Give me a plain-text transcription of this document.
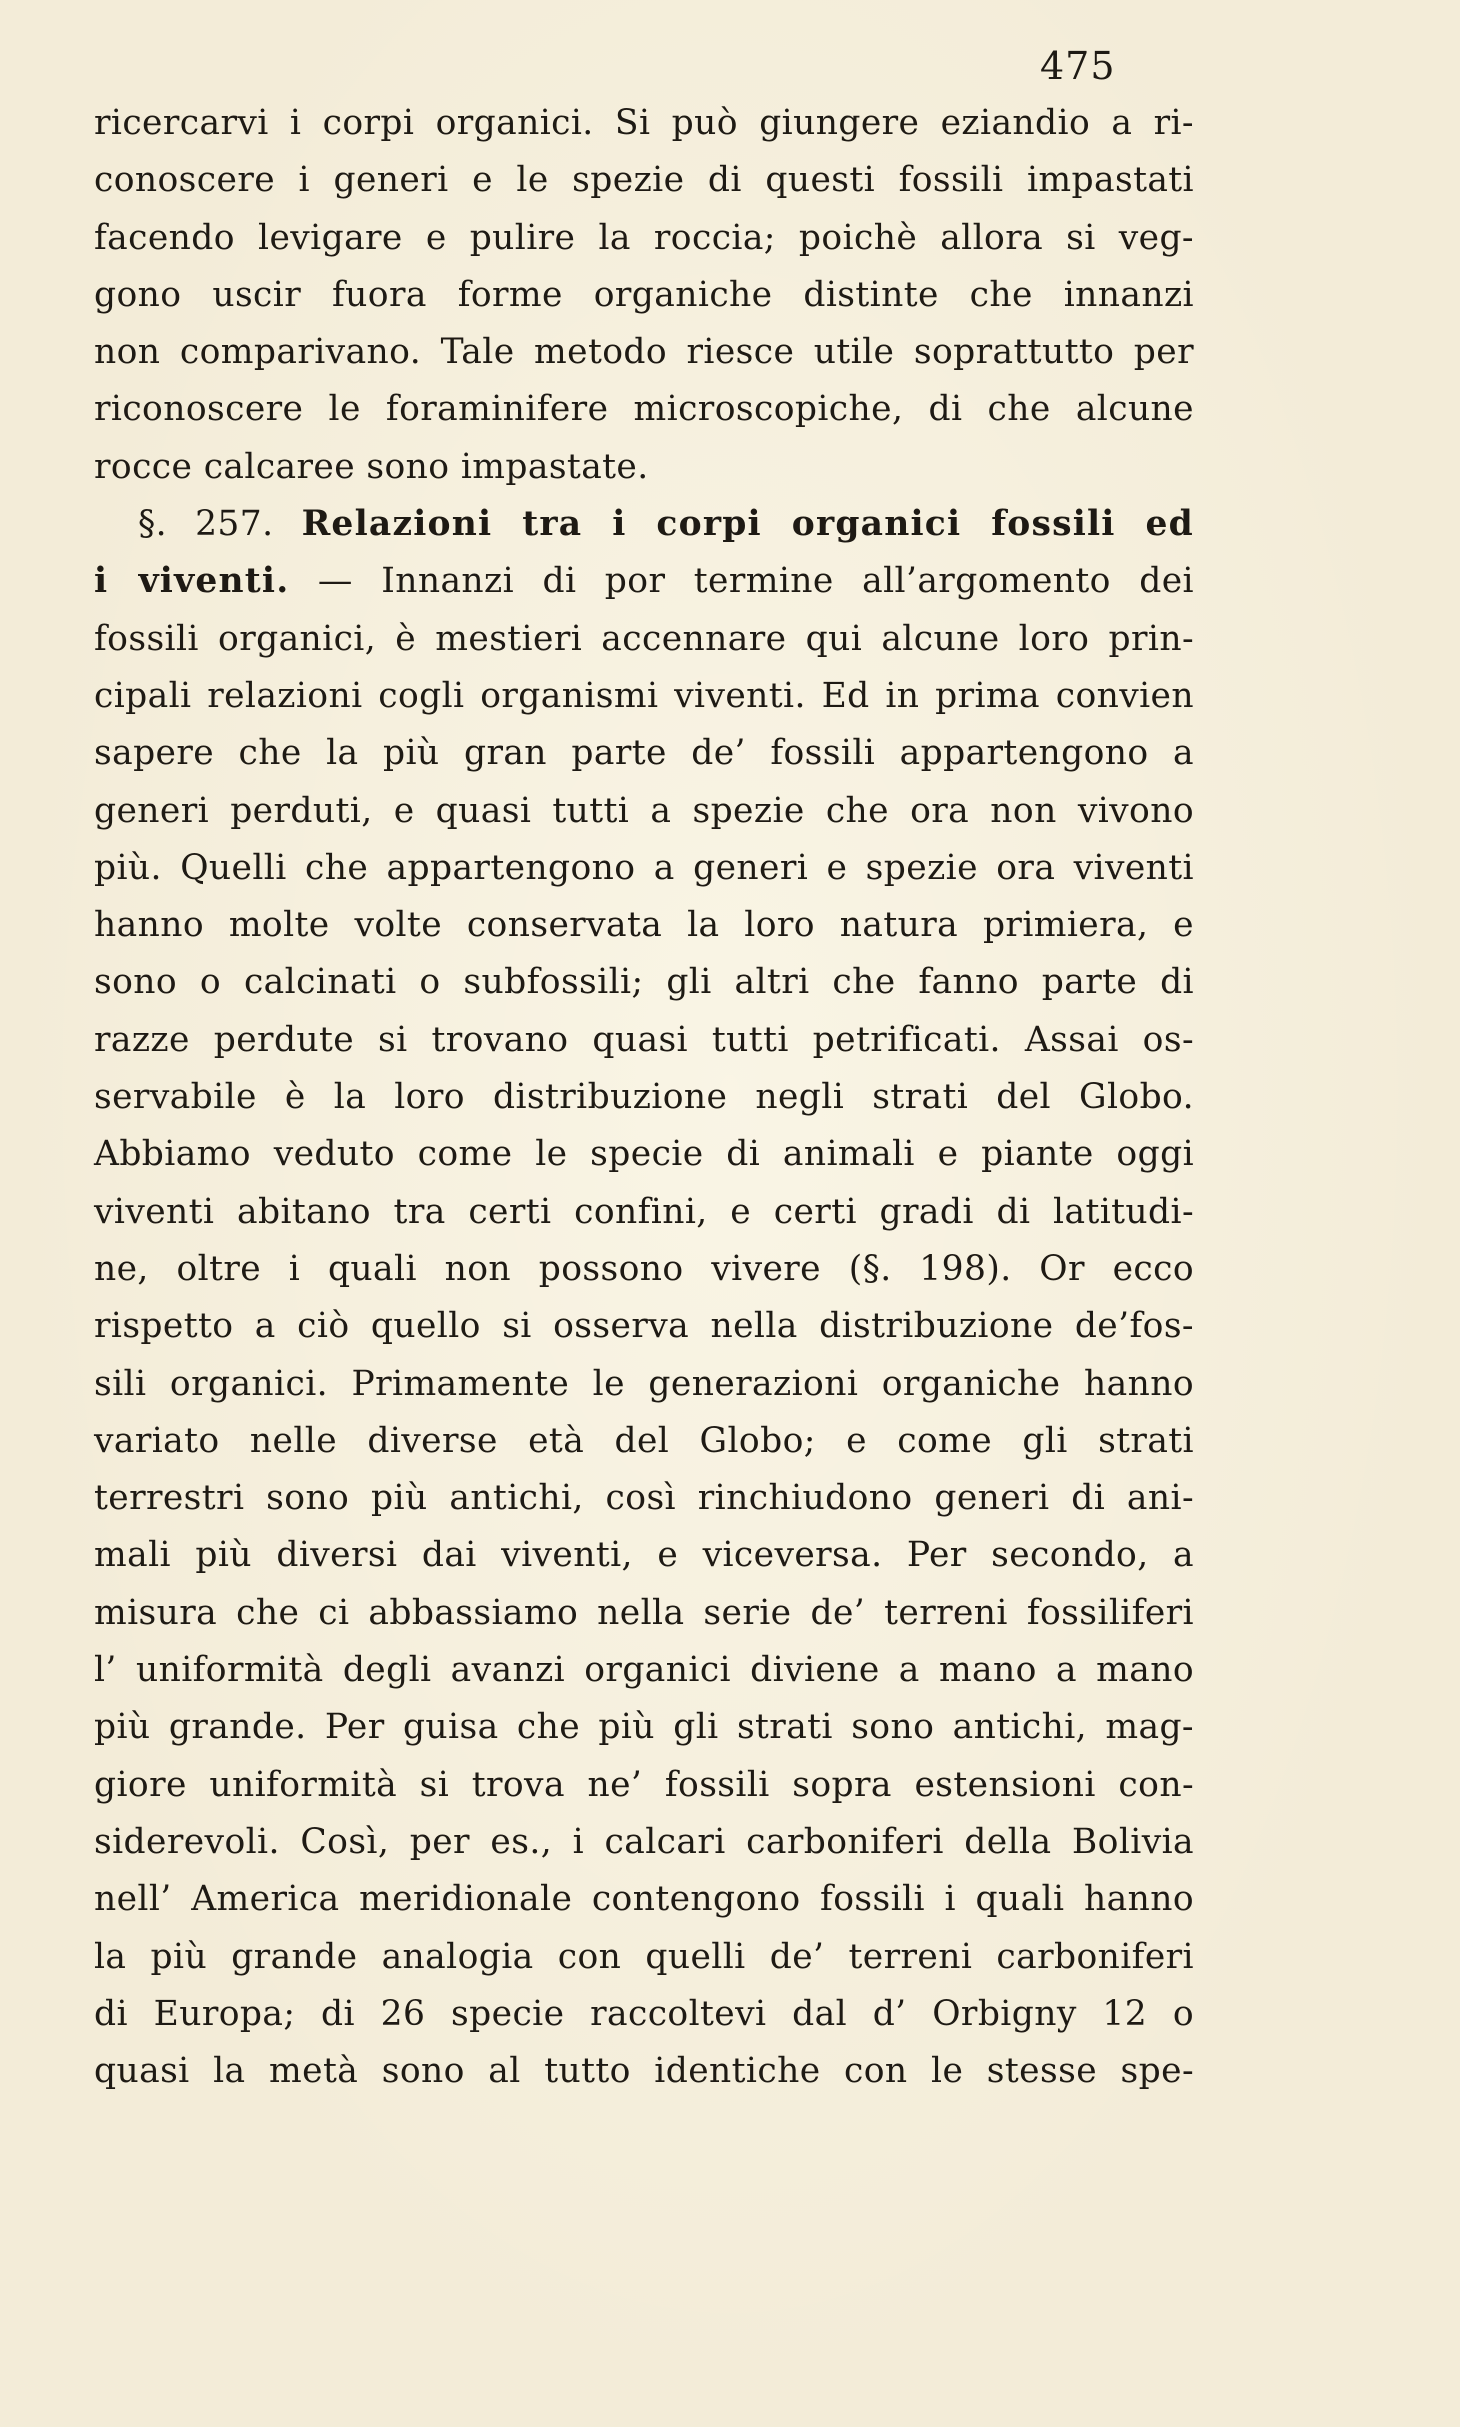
475
ricercarvi i corpi organici. Si può giungere eziandio a ri-
conoscere i generi e le spezie di questi fossili impastati
facendo levigare e pulire la roccia; poichè allora si veg-
gono uscir fuora forme organiche distinte che innanzi
non comparivano. Tale metodo riesce utile soprattutto per
riconoscere le foraminifere microscopiche, di che alcune
rocce calcaree sono impastate.
§. 257. Relazioni tra i corpi organici fossili ed
i viventi. — Innanzi di por termine all’argomento dei
fossili organici, è mestieri accennare qui alcune loro prin-
cipali relazioni cogli organismi viventi. Ed in prima convien
sapere che la più gran parte de’ fossili appartengono a
generi perduti, e quasi tutti a spezie che ora non vivono
più. Quelli che appartengono a generi e spezie ora viventi
hanno molte volte conservata la loro natura primiera, e
sono o calcinati o subfossili; gli altri che fanno parte di
razze perdute si trovano quasi tutti petrificati. Assai os-
servabile è la loro distribuzione negli strati del Globo.
Abbiamo veduto come le specie di animali e piante oggi
viventi abitano tra certi confini, e certi gradi di latitudi-
ne, oltre i quali non possono vivere (§. 198). Or ecco
rispetto a ciò quello si osserva nella distribuzione de’fos-
sili organici. Primamente le generazioni organiche hanno
variato nelle diverse età del Globo; e come gli strati
terrestri sono più antichi, così rinchiudono generi di ani-
mali più diversi dai viventi, e viceversa. Per secondo, a
misura che ci abbassiamo nella serie de’ terreni fossiliferi
l’ uniformità degli avanzi organici diviene a mano a mano
più grande. Per guisa che più gli strati sono antichi, mag-
giore uniformità si trova ne’ fossili sopra estensioni con-
siderevoli. Così, per es., i calcari carboniferi della Bolivia
nell’ America meridionale contengono fossili i quali hanno
la più grande analogia con quelli de’ terreni carboniferi
di Europa; di 26 specie raccoltevi dal d’ Orbigny 12 o
quasi la metà sono al tutto identiche con le stesse spe-
